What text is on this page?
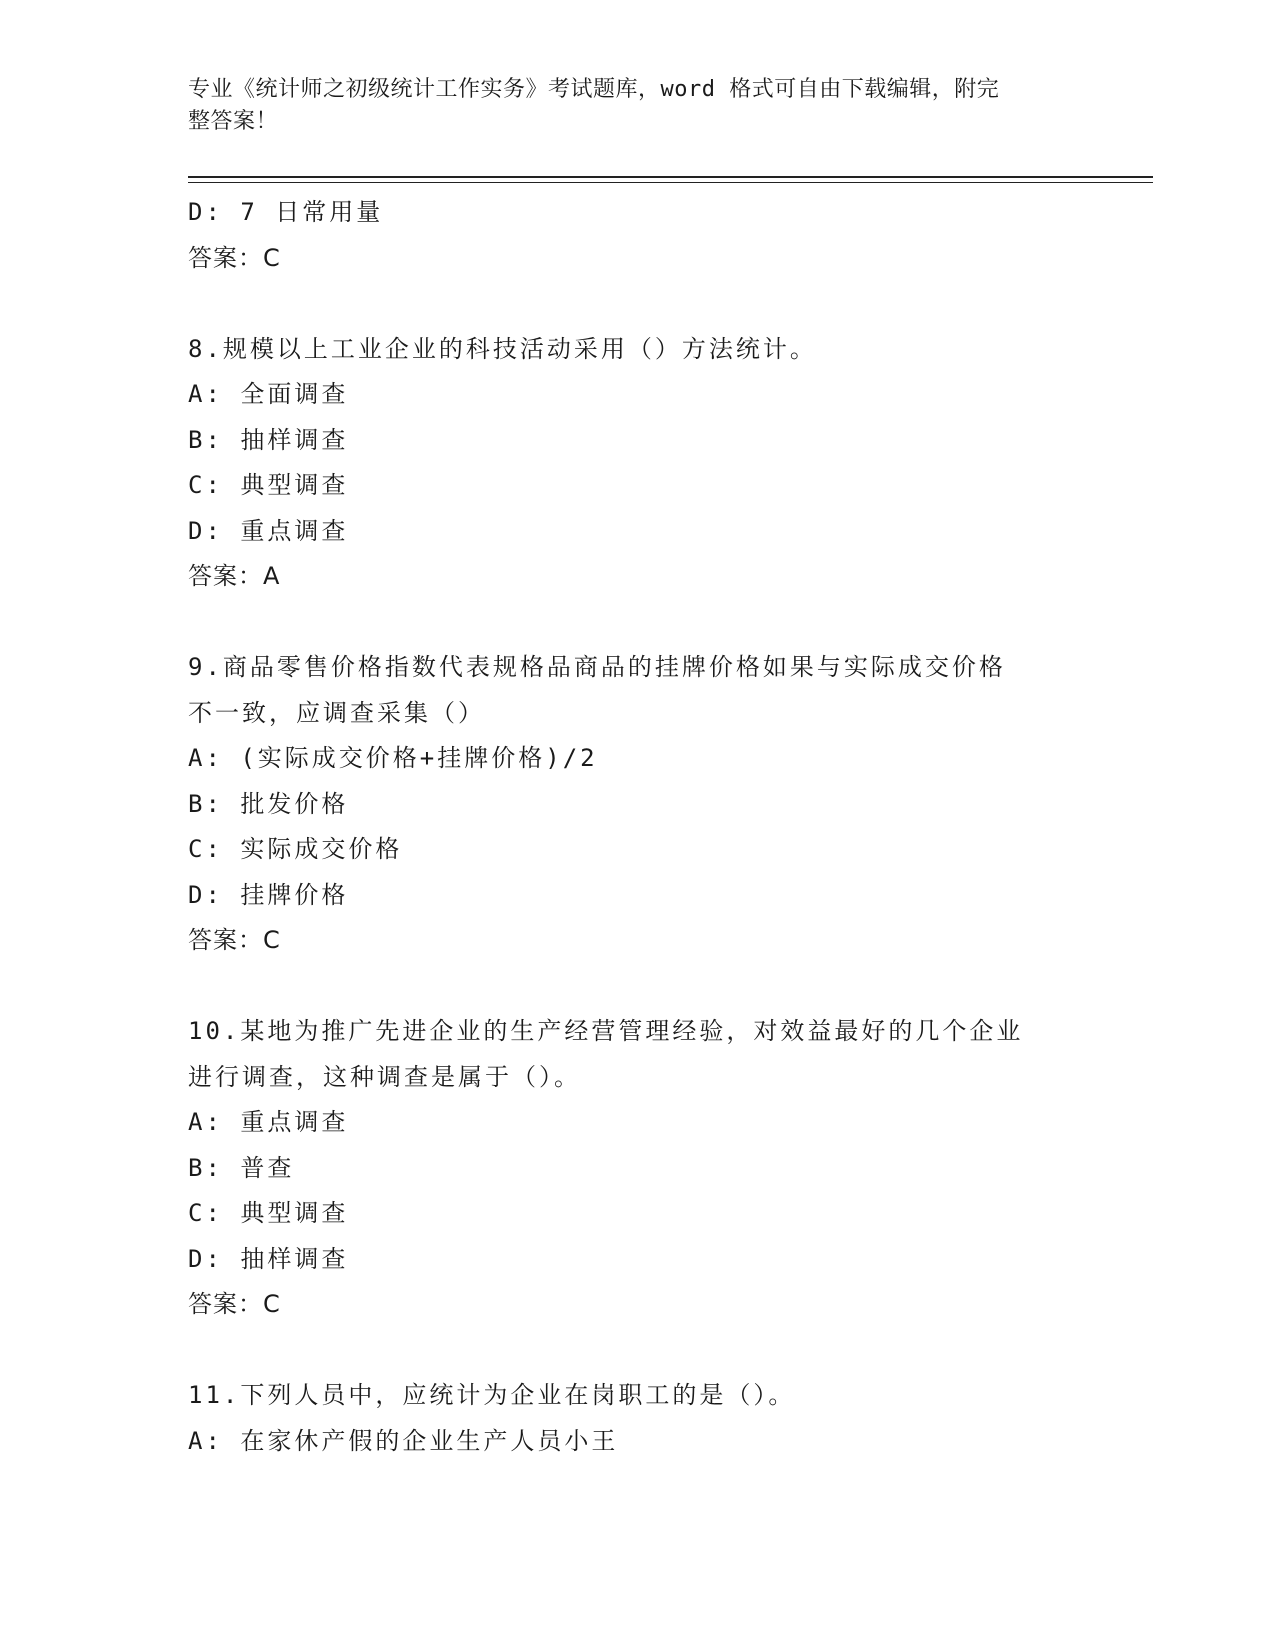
专业《统计师之初级统计工作实务》考试题库，word 格式可自由下载编辑，附完
整答案！
D: 7 日常用量
答案：C
8.规模以上工业企业的科技活动采用（）方法统计。
A: 全面调查
B: 抽样调查
C: 典型调查
D: 重点调查
答案：A
9.商品零售价格指数代表规格品商品的挂牌价格如果与实际成交价格
不一致，应调查采集（）
A: (实际成交价格+挂牌价格)/2
B: 批发价格
C: 实际成交价格
D: 挂牌价格
答案：C
10.某地为推广先进企业的生产经营管理经验，对效益最好的几个企业
进行调查，这种调查是属于（）。
A: 重点调查
B: 普查
C: 典型调查
D: 抽样调查
答案：C
11.下列人员中，应统计为企业在岗职工的是（）。
A: 在家休产假的企业生产人员小王
